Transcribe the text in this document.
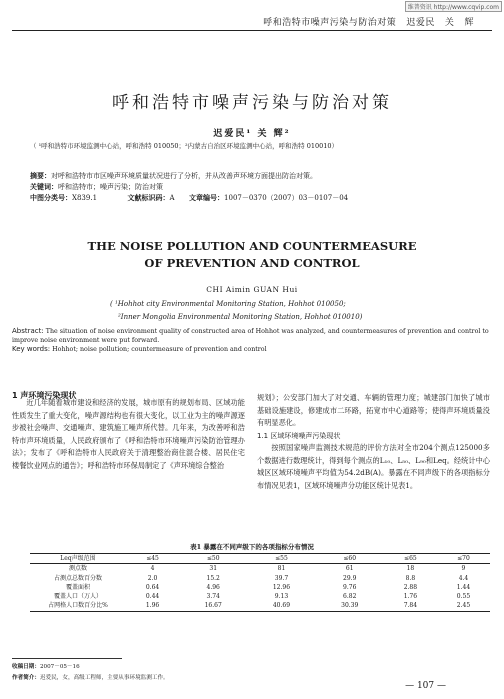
维普资讯 http://www.cqvip.com
呼和浩特市噪声污染与防治对策   迟爱民   关   辉
呼和浩特市噪声污染与防治对策
迟爱民¹ 关 辉²
（ ¹呼和浩特市环境监测中心站，呼和浩特 010050；²内蒙古自治区环境监测中心站，呼和浩特 010010）
摘要：对呼和浩特市市区噪声环境质量状况进行了分析，并从改善声环境方面提出防治对策。
关键词：呼和浩特市；噪声污染；防治对策
中图分类号：X839.1	文献标识码：A 文章编号：1007－0370（2007）03－0107－04
THE NOISE POLLUTION AND COUNTERMEASURE
OF PREVENTION AND CONTROL
CHI Aimin GUAN Hui
( ¹Hohhot city Environmental Monitoring Station, Hohhot 010050;
²Inner Mongolia Environmental Monitoring Station, Hohhot 010010)
Abstract: The situation of noise environment quality of constructed area of Hohhot was analyzed, and countermeasures of prevention and control to improve noise environment were put forward.
Key words: Hohhot; noise pollution; countermeasure of prevention and control
1 声环境污染现状

近几年随着城市建设和经济的发展，城市原有的规划布局、区域功能性质发生了重大变化，噪声源结构也有很大变化，以工业为主的噪声源逐步被社会噪声、交通噪声、建筑施工噪声所代替。几年来，为改善呼和浩特市声环境质量，人民政府颁布了《呼和浩特市环境噪声污染防治管理办法》；发布了《呼和浩特市人民政府关于清理整治商住混合楼、居民住宅楼餐饮业网点的通告》；呼和浩特市环保局制定了《声环境综合整治

规划》；公安部门加大了对交通、车辆的管理力度；城建部门加快了城市基础设施建设，修建成市二环路，拓宽市中心道路等；使得声环境质量没有明显恶化。

1.1 区域环境噪声污染现状

按照国家噪声监测技术规范的评价方法对全市204个测点125000多个数据进行数理统计，得到每个测点的L₁₀、L₅₀、L₉₀和Leq。经统计中心城区区域环境噪声平均值为54.2dB(A)。暴露在不同声级下的各项指标分布情况见表1，区域环境噪声分功能区统计见表1。

表1 暴露在不同声级下的各项指标分布情况
Leq声级范围	≤45	≤50	≤55	≤60	≤65	≤70
测点数	4	31	81	61	18	9
占测点总数百分数	2.0	15.2	39.7	29.9	8.8	4.4
覆盖面积	0.64	4.96	12.96	9.76	2.88	1.44
覆盖人口（万人）	0.44	3.74	9.13	6.82	1.76	0.55
占网格人口数百分比%	1.96	16.67	40.69	30.39	7.84	2.45
收稿日期：2007－05－16
作者简介：迟爱民，女，高级工程师，主要从事环境监测工作。
— 107 —
